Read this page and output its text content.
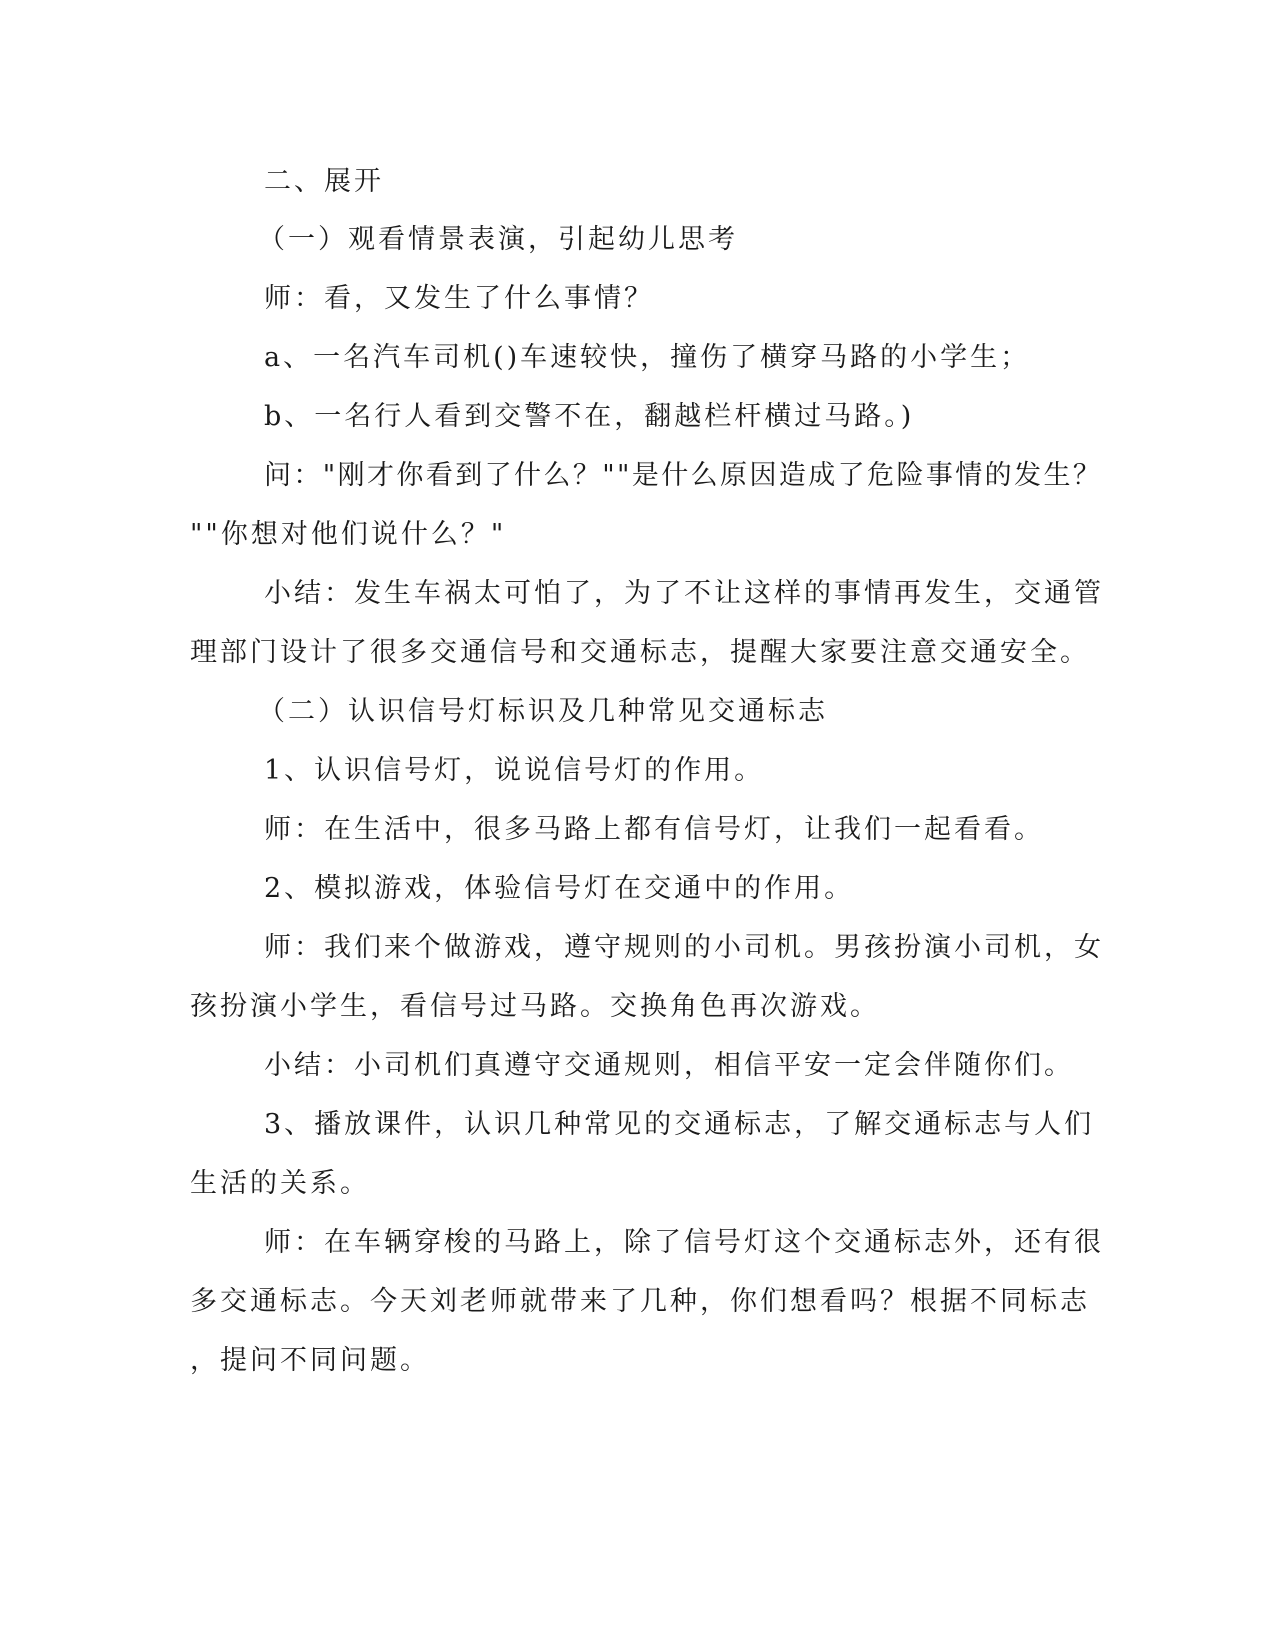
二、展开
（一）观看情景表演，引起幼儿思考
师：看，又发生了什么事情？
a、一名汽车司机()车速较快，撞伤了横穿马路的小学生；
b、一名行人看到交警不在，翻越栏杆横过马路。)
问："刚才你看到了什么？""是什么原因造成了危险事情的发生？
""你想对他们说什么？"
小结：发生车祸太可怕了，为了不让这样的事情再发生，交通管
理部门设计了很多交通信号和交通标志，提醒大家要注意交通安全。
（二）认识信号灯标识及几种常见交通标志
1、认识信号灯，说说信号灯的作用。
师：在生活中，很多马路上都有信号灯，让我们一起看看。
2、模拟游戏，体验信号灯在交通中的作用。
师：我们来个做游戏，遵守规则的小司机。男孩扮演小司机，女
孩扮演小学生，看信号过马路。交换角色再次游戏。
小结：小司机们真遵守交通规则，相信平安一定会伴随你们。
3、播放课件，认识几种常见的交通标志，了解交通标志与人们
生活的关系。
师：在车辆穿梭的马路上，除了信号灯这个交通标志外，还有很
多交通标志。今天刘老师就带来了几种，你们想看吗？根据不同标志
，提问不同问题。
